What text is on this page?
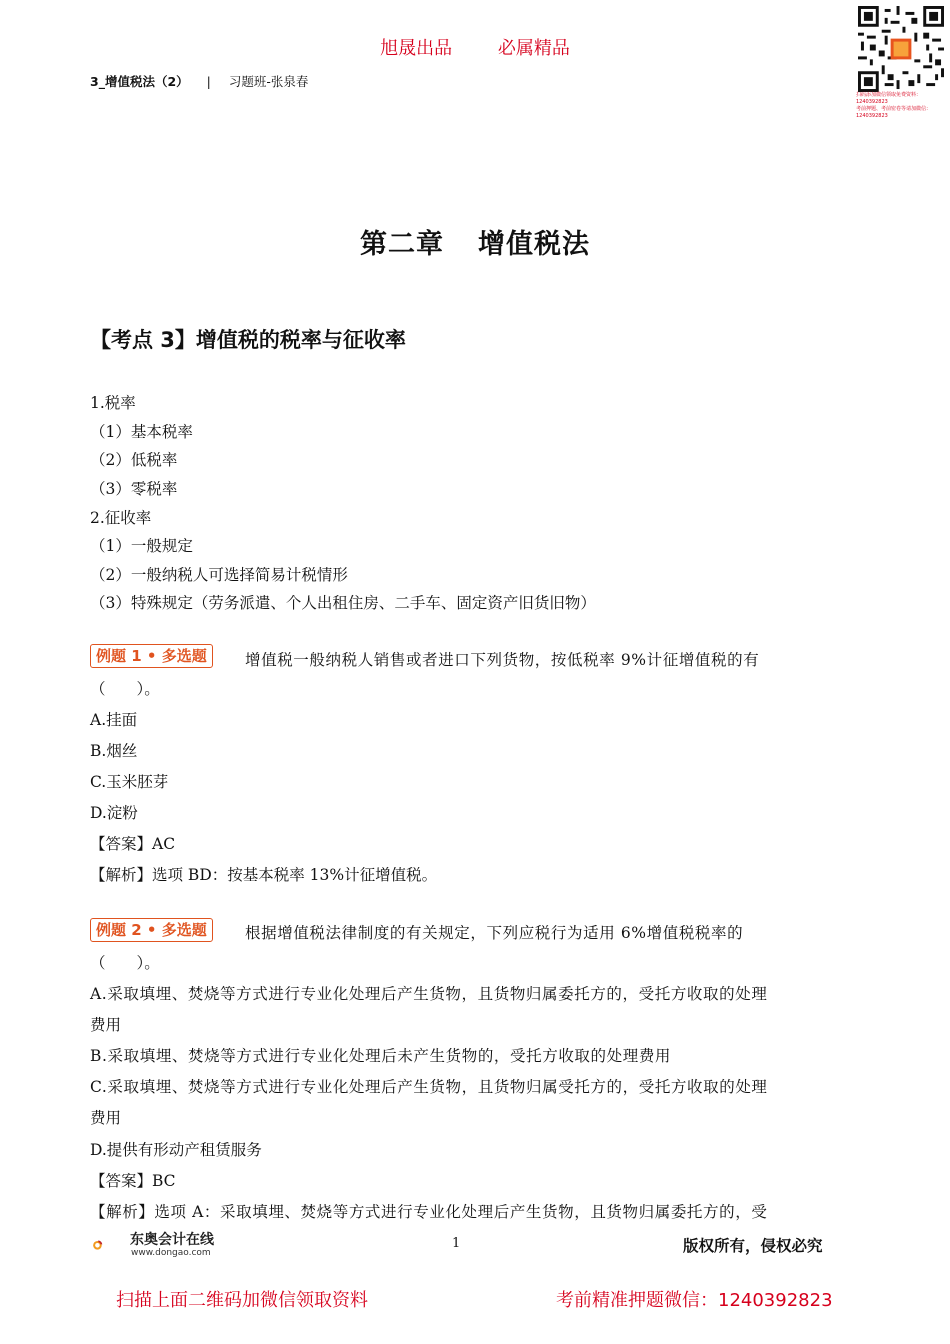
旭晟出品	必属精品
3_增值税法（2） | 习题班-张泉春
扫码添加微信领取免费资料：1240392823
考前押题、考前密卷等请加微信：1240392823
第二章 增值税法
【考点 3】增值税的税率与征收率
1.税率
（1）基本税率
（2）低税率
（3）零税率
2.征收率
（1）一般规定
（2）一般纳税人可选择简易计税情形
（3）特殊规定（劳务派遣、个人出租住房、二手车、固定资产旧货旧物）
例题 1 • 多选题	增值税一般纳税人销售或者进口下列货物，按低税率 9%计征增值税的有
（　　）。
A.挂面
B.烟丝
C.玉米胚芽
D.淀粉
【答案】AC
【解析】选项 BD：按基本税率 13%计征增值税。
例题 2 • 多选题	根据增值税法律制度的有关规定，下列应税行为适用 6%增值税税率的
（　　）。
A.采取填埋、焚烧等方式进行专业化处理后产生货物，且货物归属委托方的，受托方收取的处理
费用
B.采取填埋、焚烧等方式进行专业化处理后未产生货物的，受托方收取的处理费用
C.采取填埋、焚烧等方式进行专业化处理后产生货物，且货物归属受托方的，受托方收取的处理
费用
D.提供有形动产租赁服务
【答案】BC
【解析】选项 A：采取填埋、焚烧等方式进行专业化处理后产生货物，且货物归属委托方的，受
东奥会计在线
www.dongao.com
1	版权所有，侵权必究
扫描上面二维码加微信领取资料	考前精准押题微信：1240392823
